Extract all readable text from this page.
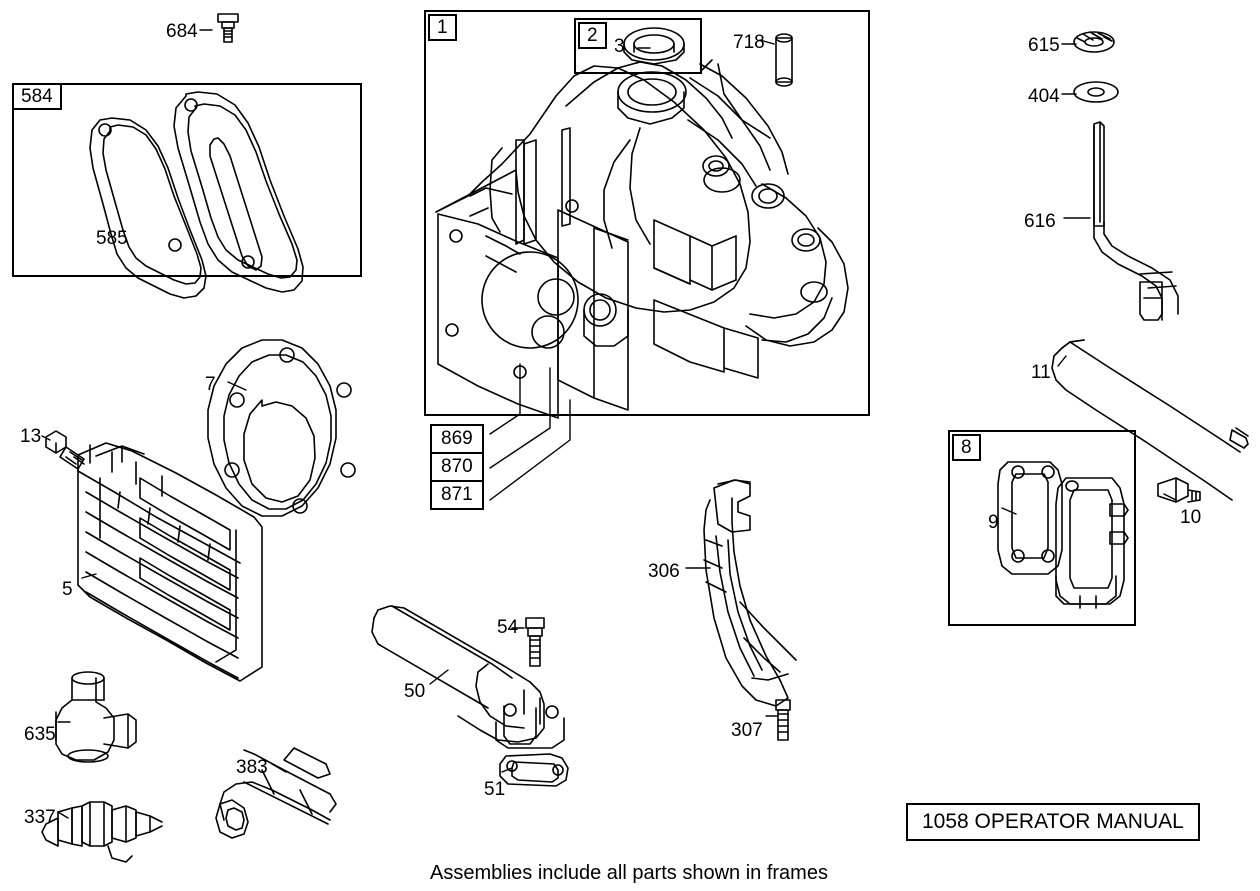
584
1	2
8
869
870
871
684
3	718	615
404
616
585
7
11
13
9	10
5
306
54
50
635	307
383
51
337	1058 OPERATOR MANUAL
Assemblies include all parts shown in frames
